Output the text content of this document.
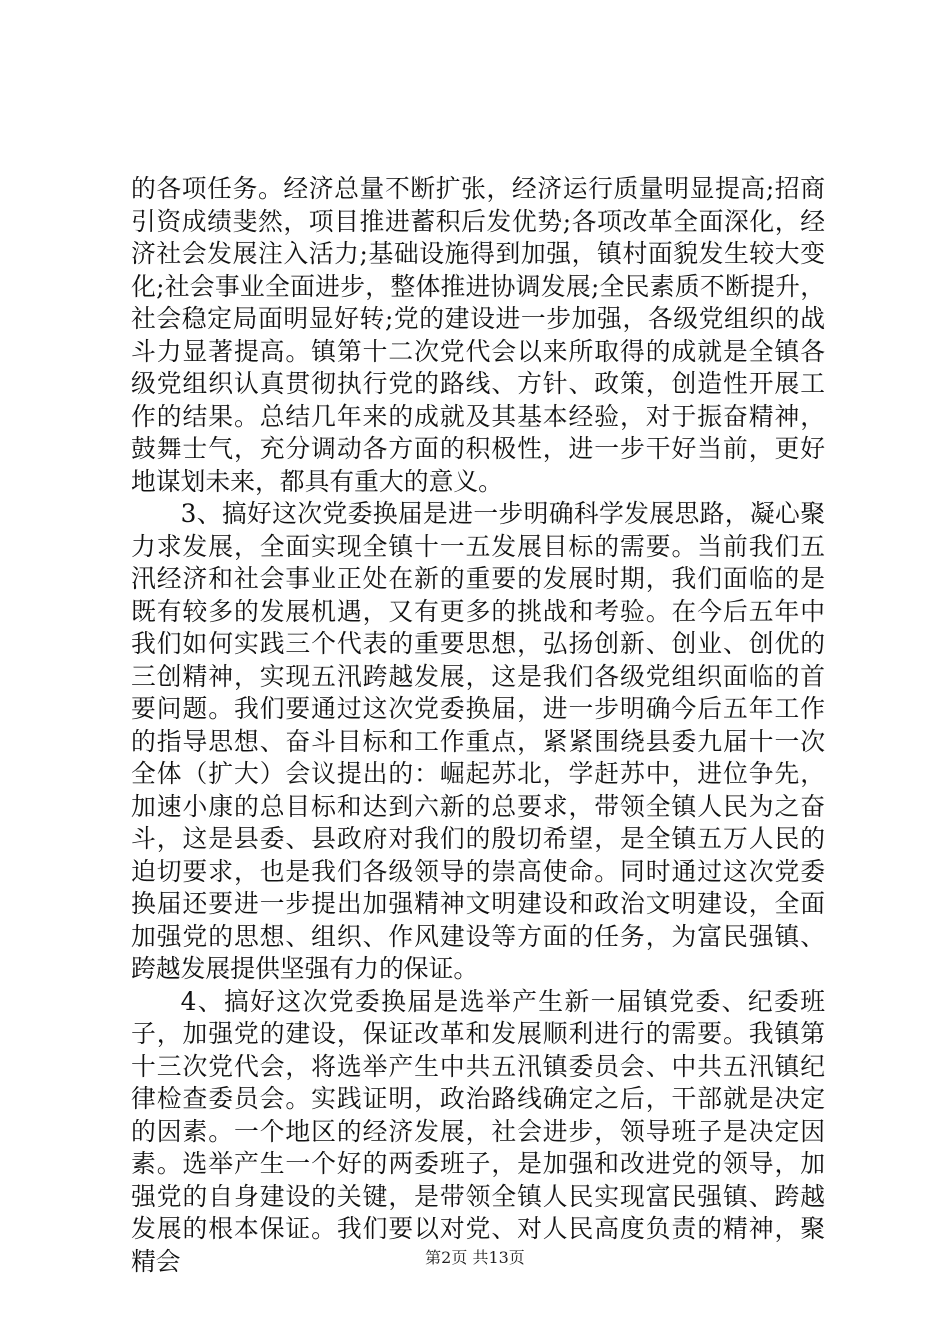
的各项任务。经济总量不断扩张，经济运行质量明显提高;招商引资成绩斐然，项目推进蓄积后发优势;各项改革全面深化，经济社会发展注入活力;基础设施得到加强，镇村面貌发生较大变化;社会事业全面进步，整体推进协调发展;全民素质不断提升，社会稳定局面明显好转;党的建设进一步加强，各级党组织的战斗力显著提高。镇第十二次党代会以来所取得的成就是全镇各级党组织认真贯彻执行党的路线、方针、政策，创造性开展工作的结果。总结几年来的成就及其基本经验，对于振奋精神，鼓舞士气，充分调动各方面的积极性，进一步干好当前，更好地谋划未来，都具有重大的意义。

3、搞好这次党委换届是进一步明确科学发展思路，凝心聚力求发展，全面实现全镇十一五发展目标的需要。当前我们五汛经济和社会事业正处在新的重要的发展时期，我们面临的是既有较多的发展机遇，又有更多的挑战和考验。在今后五年中我们如何实践三个代表的重要思想，弘扬创新、创业、创优的三创精神，实现五汛跨越发展，这是我们各级党组织面临的首要问题。我们要通过这次党委换届，进一步明确今后五年工作的指导思想、奋斗目标和工作重点，紧紧围绕县委九届十一次全体（扩大）会议提出的：崛起苏北，学赶苏中，进位争先，加速小康的总目标和达到六新的总要求，带领全镇人民为之奋斗，这是县委、县政府对我们的殷切希望，是全镇五万人民的迫切要求，也是我们各级领导的崇高使命。同时通过这次党委换届还要进一步提出加强精神文明建设和政治文明建设，全面加强党的思想、组织、作风建设等方面的任务，为富民强镇、跨越发展提供坚强有力的保证。

4、搞好这次党委换届是选举产生新一届镇党委、纪委班子，加强党的建设，保证改革和发展顺利进行的需要。我镇第十三次党代会，将选举产生中共五汛镇委员会、中共五汛镇纪律检查委员会。实践证明，政治路线确定之后，干部就是决定的因素。一个地区的经济发展，社会进步，领导班子是决定因素。选举产生一个好的两委班子，是加强和改进党的领导，加强党的自身建设的关键，是带领全镇人民实现富民强镇、跨越发展的根本保证。我们要以对党、对人民高度负责的精神，聚精会	第2页 共13页
